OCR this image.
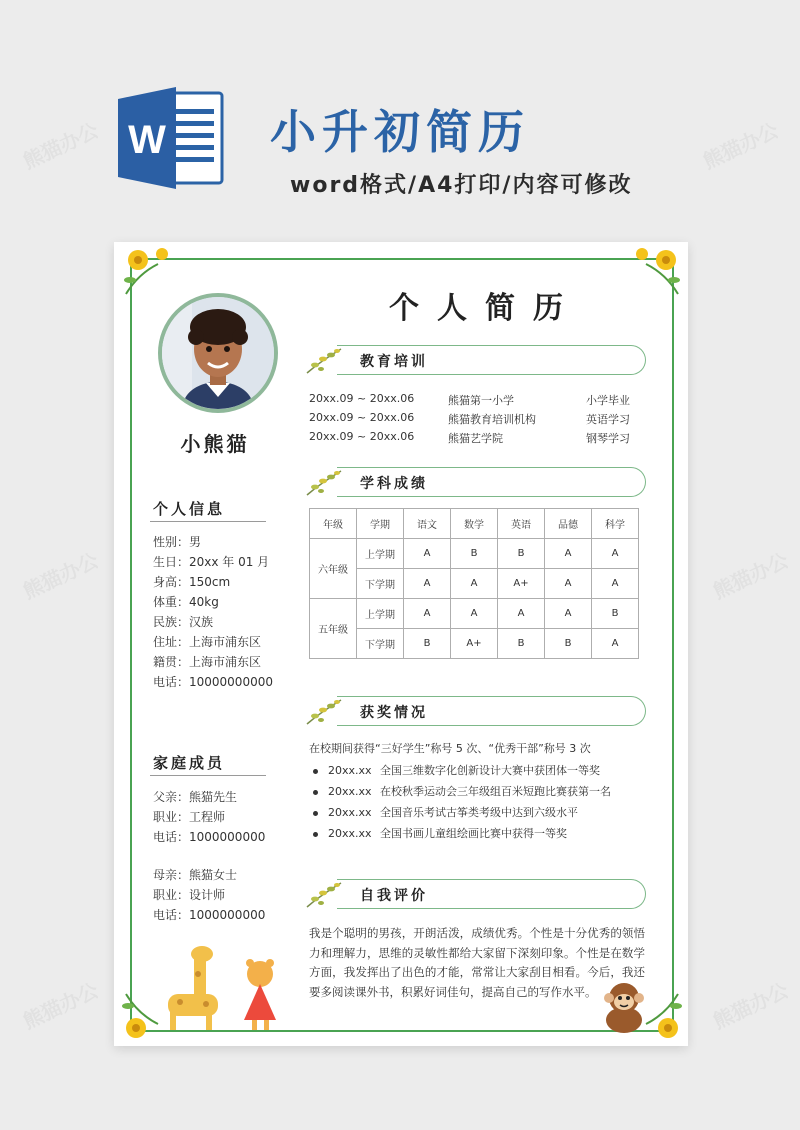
熊猫办公	熊猫办公
熊猫办公	熊猫办公
熊猫办公	熊猫办公
W 小升初简历
word格式/A4打印/内容可修改
个人简历
小熊猫
个人信息
性别：男
生日：20xx 年 01 月
身高：150cm
体重：40kg
民族：汉族
住址：上海市浦东区
籍贯：上海市浦东区
电话：10000000000
家庭成员
父亲：熊猫先生
职业：工程师
电话：1000000000
母亲：熊猫女士
职业：设计师
电话：1000000000
教育培训
20xx.09 ~ 20xx.06	熊猫第一小学	小学毕业
20xx.09 ~ 20xx.06	熊猫教育培训机构	英语学习
20xx.09 ~ 20xx.06	熊猫艺学院	钢琴学习
学科成绩
年级	学期	语文	数学	英语	品德	科学
六年级	上学期	A	B	B	A	A
	下学期	A	A	A+	A	A
五年级	上学期	A	A	A	A	B
	下学期	B	A+	B	B	A
获奖情况
在校期间获得“三好学生”称号 5 次、“优秀干部”称号 3 次
20xx.xx 全国三维数字化创新设计大赛中获团体一等奖
20xx.xx 在校秋季运动会三年级组百米短跑比赛获第一名
20xx.xx 全国音乐考试古筝类考级中达到六级水平
20xx.xx 全国书画儿童组绘画比赛中获得一等奖
自我评价
我是个聪明的男孩，开朗活泼，成绩优秀。个性是十分优秀的领悟力和理解力，思维的灵敏性都给大家留下深刻印象。个性是在数学方面，我发挥出了出色的才能，常常让大家刮目相看。今后，我还要多阅读课外书，积累好词佳句，提高自己的写作水平。
